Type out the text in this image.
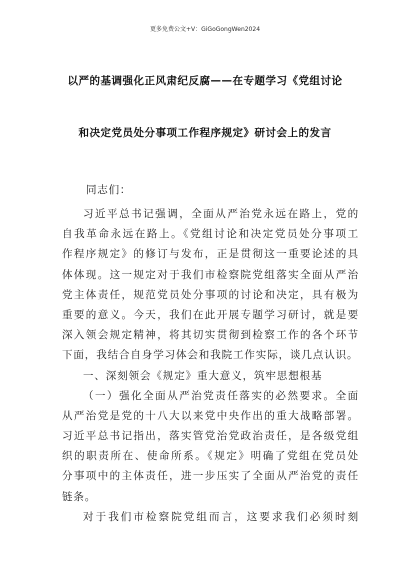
更多免费公文+V：GiGoGongWen2024
以严的基调强化正风肃纪反腐——在专题学习《党组讨论
和决定党员处分事项工作程序规定》研讨会上的发言
同志们：
习近平总书记强调，全面从严治党永远在路上，党的
自我革命永远在路上。《党组讨论和决定党员处分事项工
作程序规定》的修订与发布，正是贯彻这一重要论述的具
体体现。这一规定对于我们市检察院党组落实全面从严治
党主体责任，规范党员处分事项的讨论和决定，具有极为
重要的意义。今天，我们在此开展专题学习研讨，就是要
深入领会规定精神，将其切实贯彻到检察工作的各个环节
下面，我结合自身学习体会和我院工作实际，谈几点认识。
一、深刻领会《规定》重大意义，筑牢思想根基
（一）强化全面从严治党责任落实的必然要求。全面
从严治党是党的十八大以来党中央作出的重大战略部署。
习近平总书记指出，落实管党治党政治责任，是各级党组
织的职责所在、使命所系。《规定》明确了党组在党员处
分事项中的主体责任，进一步压实了全面从严治党的责任
链条。
对于我们市检察院党组而言，这要求我们必须时刻
